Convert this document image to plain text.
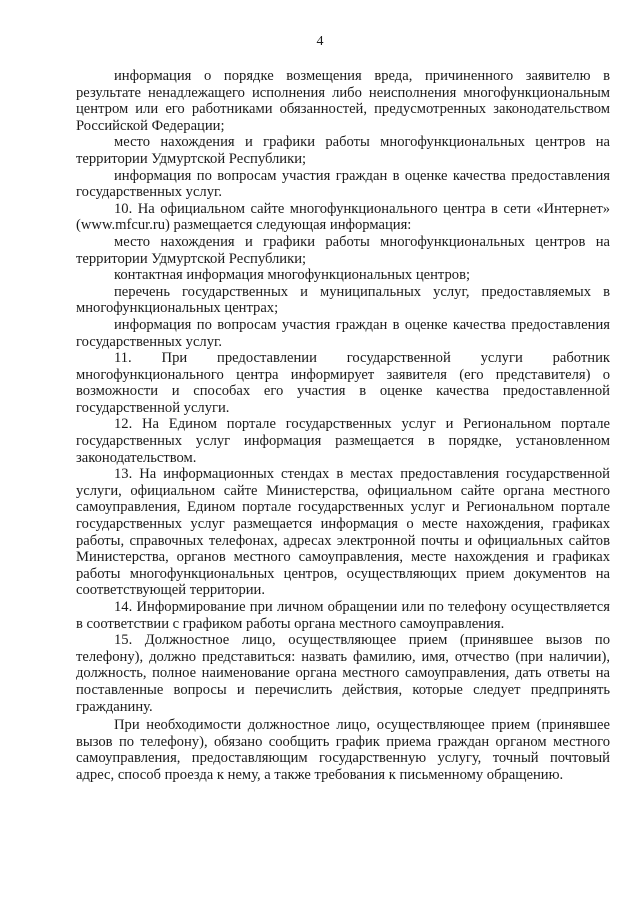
4

информация о порядке возмещения вреда, причиненного заявителю в результате ненадлежащего исполнения либо неисполнения многофункциональным центром или его работниками обязанностей, предусмотренных законодательством Российской Федерации;

место нахождения и графики работы многофункциональных центров на территории Удмуртской Республики;

информация по вопросам участия граждан в оценке качества предоставления государственных услуг.

10. На официальном сайте многофункционального центра в сети «Интернет» (www.mfcur.ru) размещается следующая информация:

место нахождения и графики работы многофункциональных центров на территории Удмуртской Республики;

контактная информация многофункциональных центров;

перечень государственных и муниципальных услуг, предоставляемых в многофункциональных центрах;

информация по вопросам участия граждан в оценке качества предоставления государственных услуг.

11. При предоставлении государственной услуги работник многофункционального центра информирует заявителя (его представителя) о возможности и способах его участия в оценке качества предоставленной государственной услуги.

12. На Едином портале государственных услуг и Региональном портале государственных услуг информация размещается в порядке, установленном законодательством.

13. На информационных стендах в местах предоставления государственной услуги, официальном сайте Министерства, официальном сайте органа местного самоуправления, Едином портале государственных услуг и Региональном портале государственных услуг размещается информация о месте нахождения, графиках работы, справочных телефонах, адресах электронной почты и официальных сайтов Министерства, органов местного самоуправления, месте нахождения и графиках работы многофункциональных центров, осуществляющих прием документов на соответствующей территории.

14. Информирование при личном обращении или по телефону осуществляется в соответствии с графиком работы органа местного самоуправления.

15. Должностное лицо, осуществляющее прием (принявшее вызов по телефону), должно представиться: назвать фамилию, имя, отчество (при наличии), должность, полное наименование органа местного самоуправления, дать ответы на поставленные вопросы и перечислить действия, которые следует предпринять гражданину.

При необходимости должностное лицо, осуществляющее прием (принявшее вызов по телефону), обязано сообщить график приема граждан органом местного самоуправления, предоставляющим государственную услугу, точный почтовый адрес, способ проезда к нему, а также требования к письменному обращению.
